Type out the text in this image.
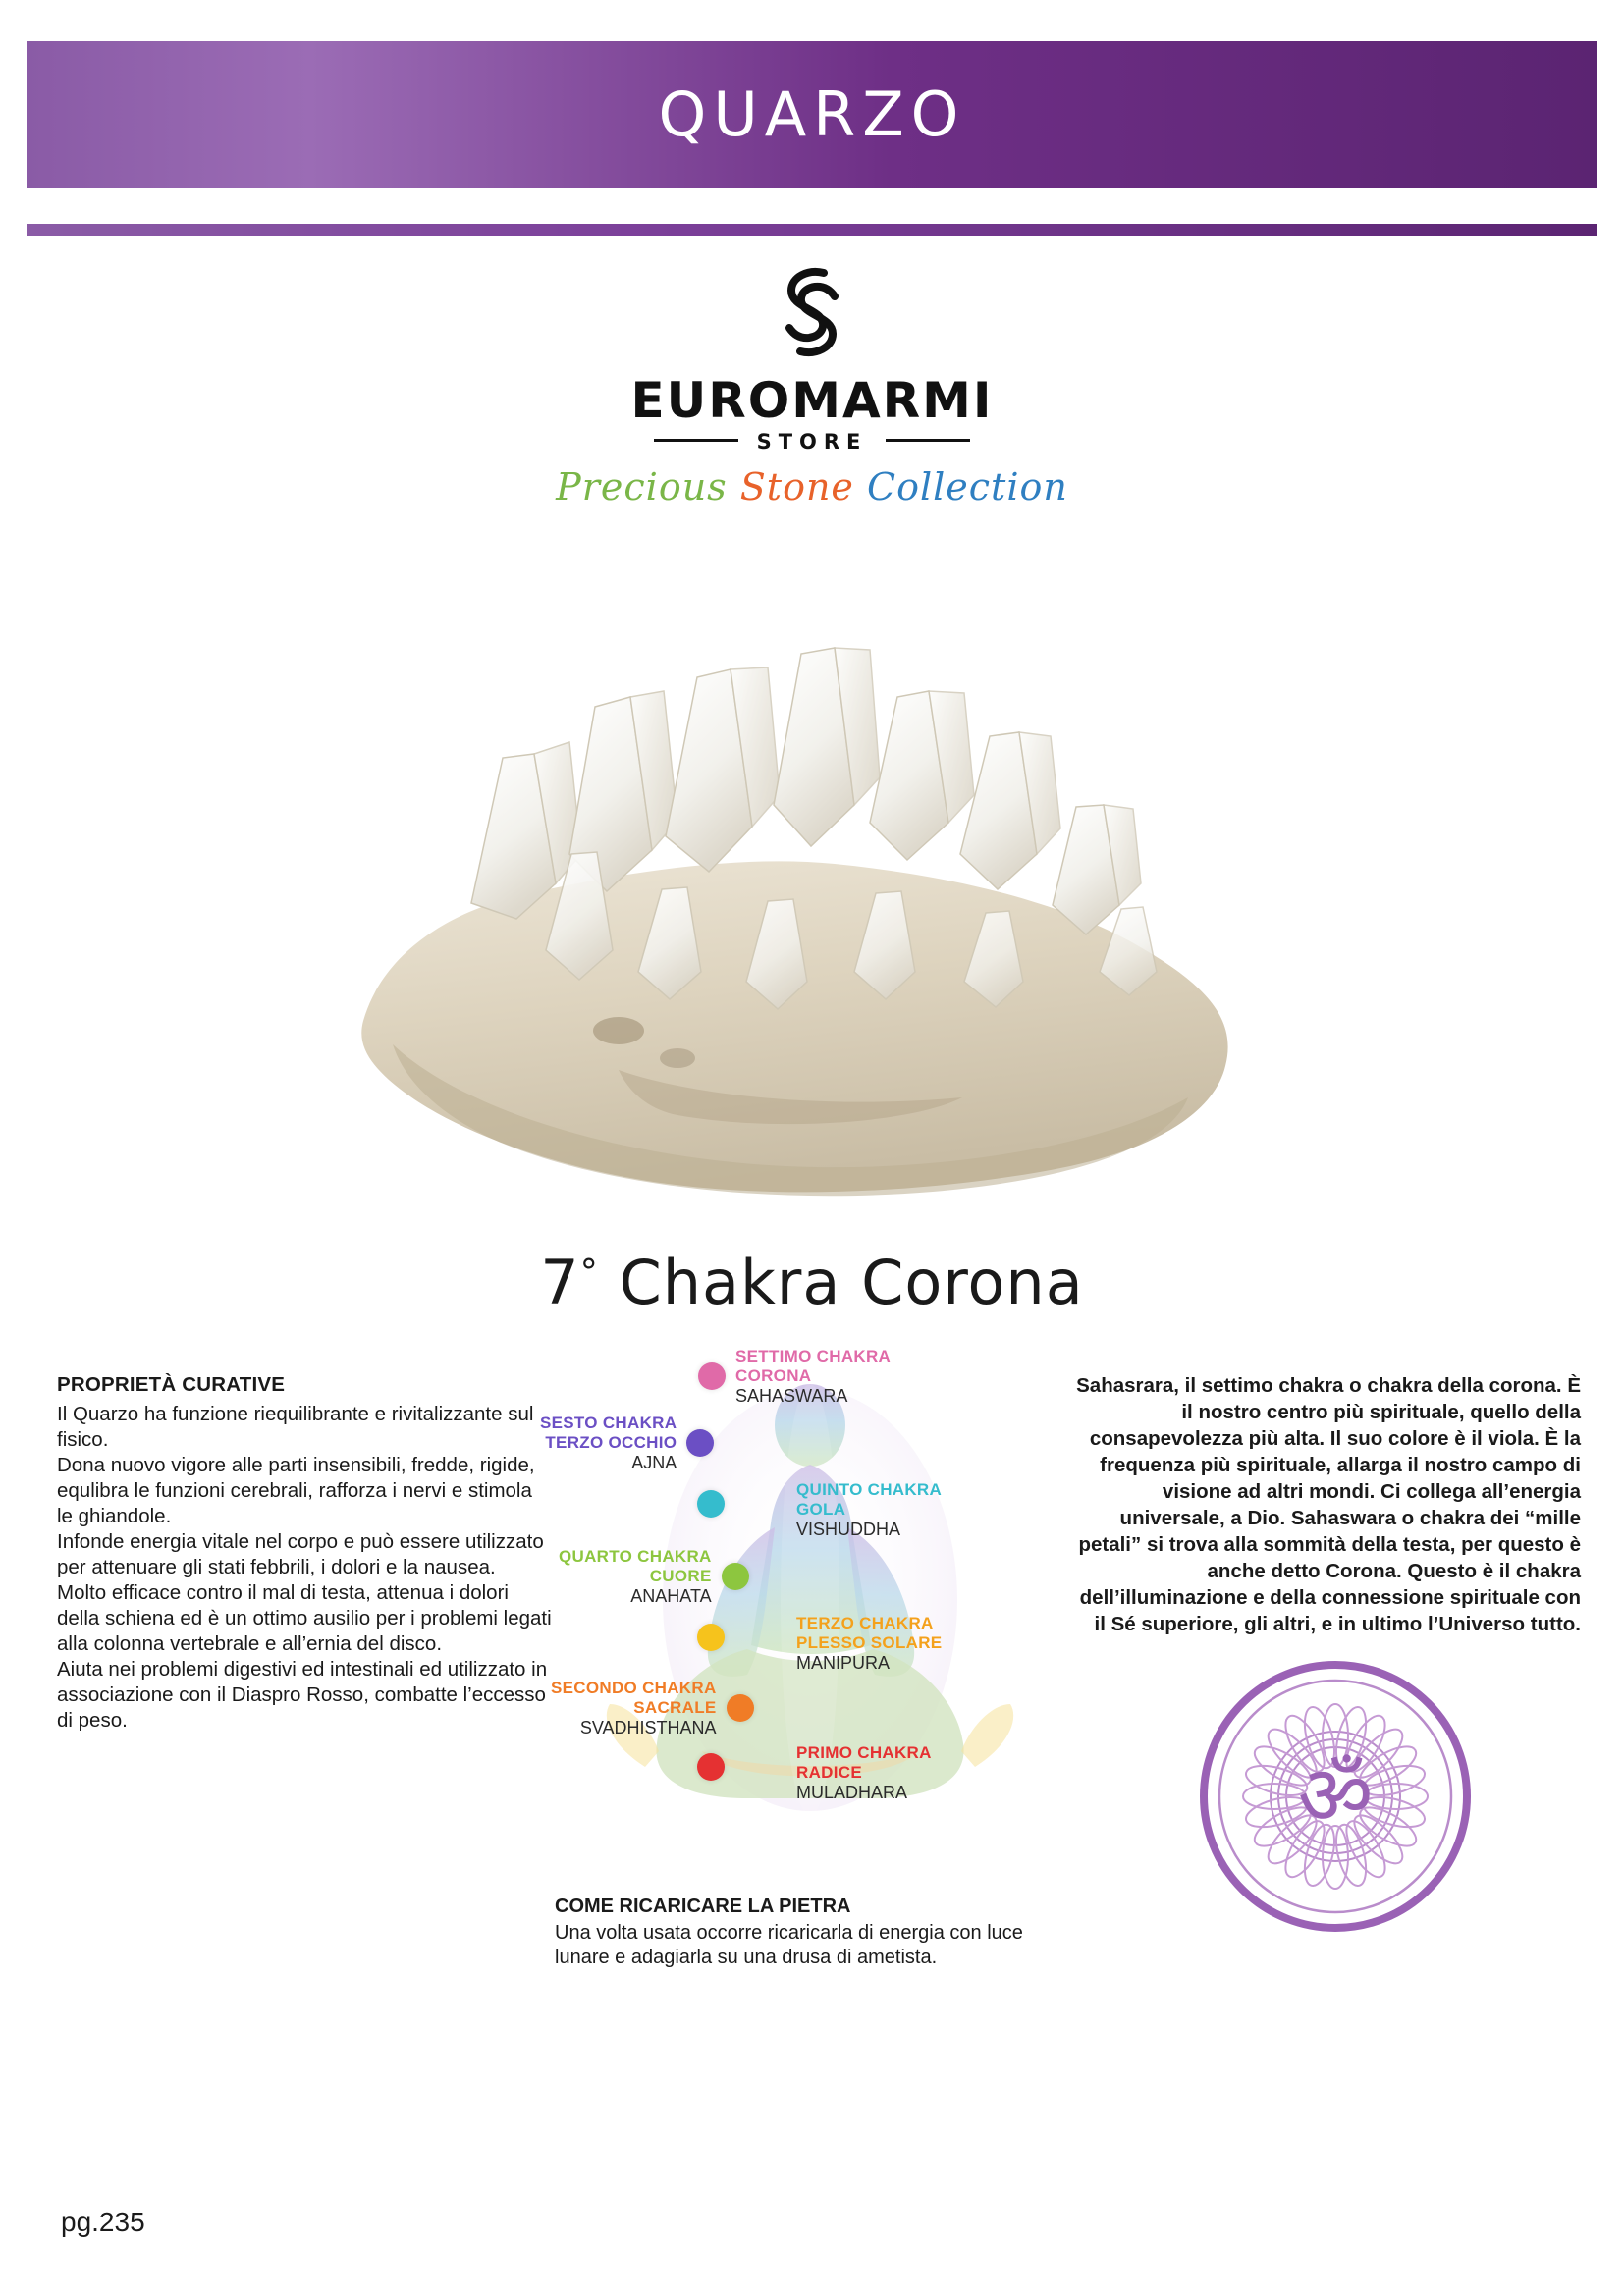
QUARZO
EUROMARMI
STORE
Precious Stone Collection
7° Chakra Corona
PROPRIETÀ CURATIVE

Il Quarzo ha funzione riequilibrante e rivitalizzante sul fisico.

Dona nuovo vigore alle parti insensibili, fredde, rigide, equlibra le funzioni cerebrali, rafforza i nervi e stimola le ghiandole.

Infonde energia vitale nel corpo e può essere utilizzato per attenuare gli stati febbrili, i dolori e la nausea.

Molto efficace contro il mal di testa, attenua i dolori della schiena ed è un ottimo ausilio per i problemi legati alla colonna vertebrale e all’ernia del disco.

Aiuta nei problemi digestivi ed intestinali ed utilizzato in associazione con il Diaspro Rosso, combatte l’eccesso di peso.

SETTIMO CHAKRA
CORONA
SAHASWARA
SESTO CHAKRA
TERZO OCCHIO
AJNA
QUINTO CHAKRA
GOLA
VISHUDDHA
QUARTO CHAKRA
CUORE
ANAHATA
TERZO CHAKRA
PLESSO SOLARE
MANIPURA
SECONDO CHAKRA
SACRALE
SVADHISTHANA
PRIMO CHAKRA
RADICE
MULADHARA
Sahasrara, il settimo chakra o chakra della corona. È il nostro centro più spirituale, quello della consapevolezza più alta. Il suo colore è il viola. È la frequenza più spirituale, allarga il nostro campo di visione ad altri mondi. Ci collega all’energia universale, a Dio. Sahaswara o chakra dei “mille petali” si trova alla sommità della testa, per questo è anche detto Corona. Questo è il chakra dell’illuminazione e della connessione spirituale con il Sé superiore, gli altri, e in ultimo l’Universo tutto.
ॐ
COME RICARICARE LA PIETRA

Una volta usata occorre ricaricarla di energia con luce lunare e adagiarla su una drusa di ametista.

pg.235
